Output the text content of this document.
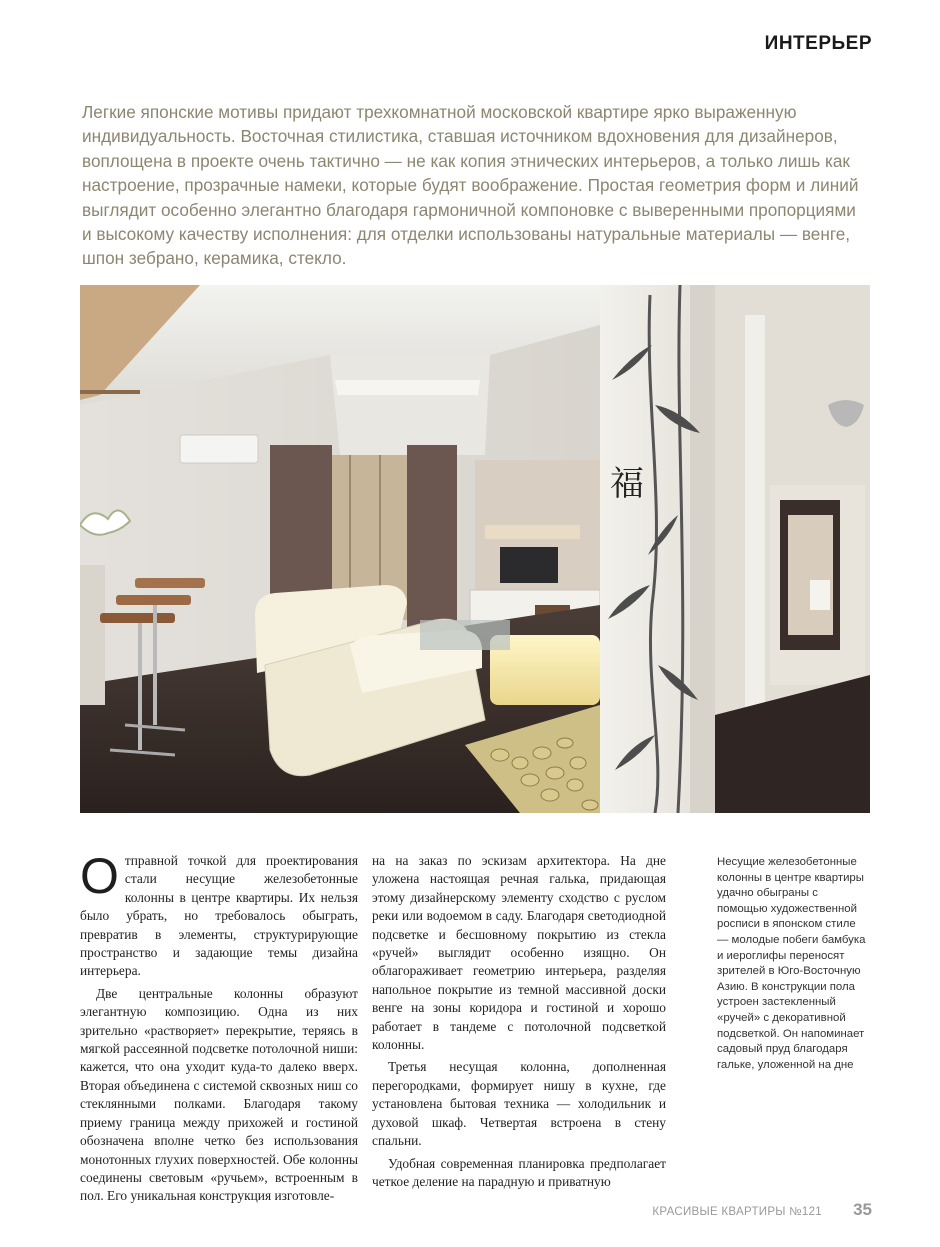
ИНТЕРЬЕР

Легкие японские мотивы придают трехкомнатной московской квартире ярко выраженную индивидуальность. Восточная стилистика, ставшая источником вдохновения для дизайнеров, воплощена в проекте очень тактично — не как копия этнических интерьеров, а только лишь как настроение, прозрачные намеки, которые будят воображение. Простая геометрия форм и линий выглядит особенно элегантно благодаря гармоничной компоновке с выверенными пропорциями и высокому качеству исполнения: для отделки использованы натуральные материалы — венге, шпон зебрано, керамика, стекло.

福

Отправной точкой для проектирования стали несущие железобетонные колонны в центре квартиры. Их нельзя было убрать, но требовалось обыграть, превратив в элементы, структурирующие пространство и задающие темы дизайна интерьера.

Две центральные колонны образуют элегантную композицию. Одна из них зрительно «растворяет» перекрытие, теряясь в мягкой рассеянной подсветке потолочной ниши: кажется, что она уходит куда-то далеко вверх. Вторая объединена с системой сквозных ниш со стеклянными полками. Благодаря такому приему граница между прихожей и гостиной обозначена вполне четко без использования монотонных глухих поверхностей. Обе колонны соединены световым «ручьем», встроенным в пол. Его уникальная конструкция изготовле-

на на заказ по эскизам архитектора. На дне уложена настоящая речная галька, придающая этому дизайнерскому элементу сходство с руслом реки или водоемом в саду. Благодаря светодиодной подсветке и бесшовному покрытию из стекла «ручей» выглядит особенно изящно. Он облагораживает геометрию интерьера, разделяя напольное покрытие из темной массивной доски венге на зоны коридора и гостиной и хорошо работает в тандеме с потолочной подсветкой колонны.

Третья несущая колонна, дополненная перегородками, формирует нишу в кухне, где установлена бытовая техника — холодильник и духовой шкаф. Четвертая встроена в стену спальни.

Удобная современная планировка предполагает четкое деление на парадную и приватную

Несущие железобетонные колонны в центре квартиры удачно обыграны с помощью художественной росписи в японском стиле — молодые побеги бамбука и иероглифы переносят зрителей в Юго-Восточную Азию. В конструкции пола устроен застекленный «ручей» с декоративной подсветкой. Он напоминает садовый пруд благодаря гальке, уложенной на дне

КРАСИВЫЕ КВАРТИРЫ №121 35
